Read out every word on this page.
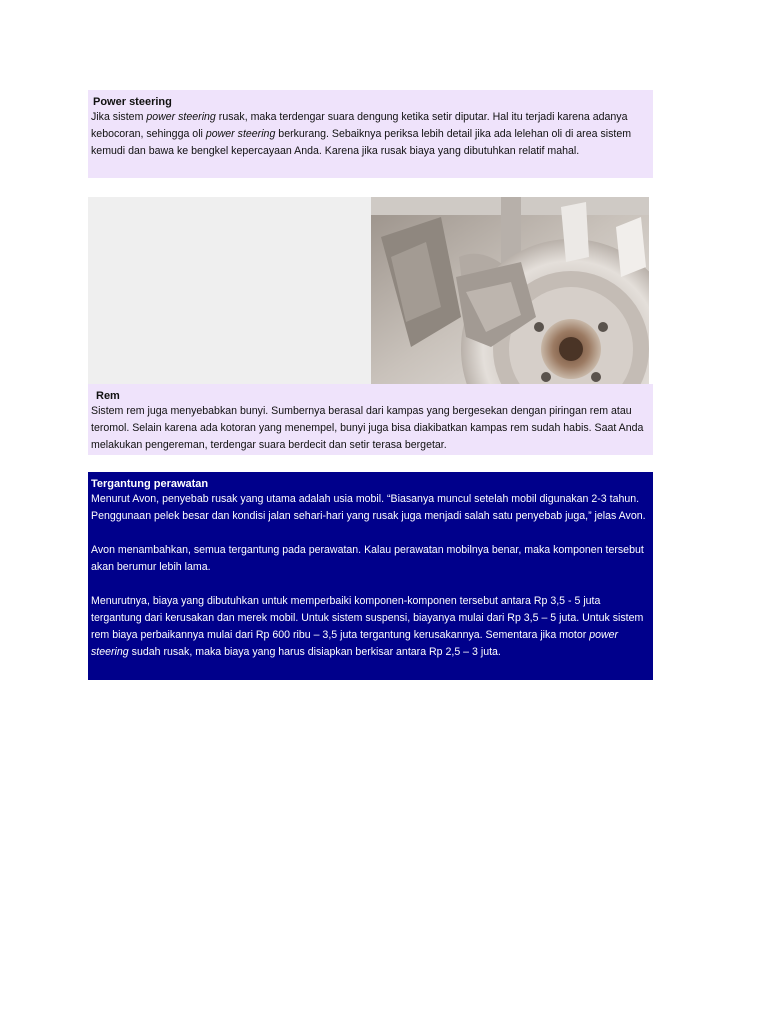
Power steering

Jika sistem power steering rusak, maka terdengar suara dengung ketika setir diputar. Hal itu terjadi karena adanya kebocoran, sehingga oli power steering berkurang. Sebaiknya periksa lebih detail jika ada lelehan oli di area sistem kemudi dan bawa ke bengkel kepercayaan Anda. Karena jika rusak biaya yang dibutuhkan relatif mahal.

Rem

Sistem rem juga menyebabkan bunyi. Sumbernya berasal dari kampas yang bergesekan dengan piringan rem atau teromol. Selain karena ada kotoran yang menempel, bunyi juga bisa diakibatkan kampas rem sudah habis. Saat Anda melakukan pengereman, terdengar suara berdecit dan setir terasa bergetar.

Tergantung perawatan

Menurut Avon, penyebab rusak yang utama adalah usia mobil. “Biasanya muncul setelah mobil digunakan 2-3 tahun. Penggunaan pelek besar dan kondisi jalan sehari-hari yang rusak juga menjadi salah satu penyebab juga,” jelas Avon.

Avon menambahkan, semua tergantung pada perawatan. Kalau perawatan mobilnya benar, maka komponen tersebut akan berumur lebih lama.

Menurutnya, biaya yang dibutuhkan untuk memperbaiki komponen-komponen tersebut antara Rp 3,5 - 5 juta tergantung dari kerusakan dan merek mobil. Untuk sistem suspensi, biayanya mulai dari Rp 3,5 – 5 juta. Untuk sistem rem biaya perbaikannya mulai dari Rp 600 ribu – 3,5 juta tergantung kerusakannya. Sementara jika motor power steering sudah rusak, maka biaya yang harus disiapkan berkisar antara Rp 2,5 – 3 juta.
